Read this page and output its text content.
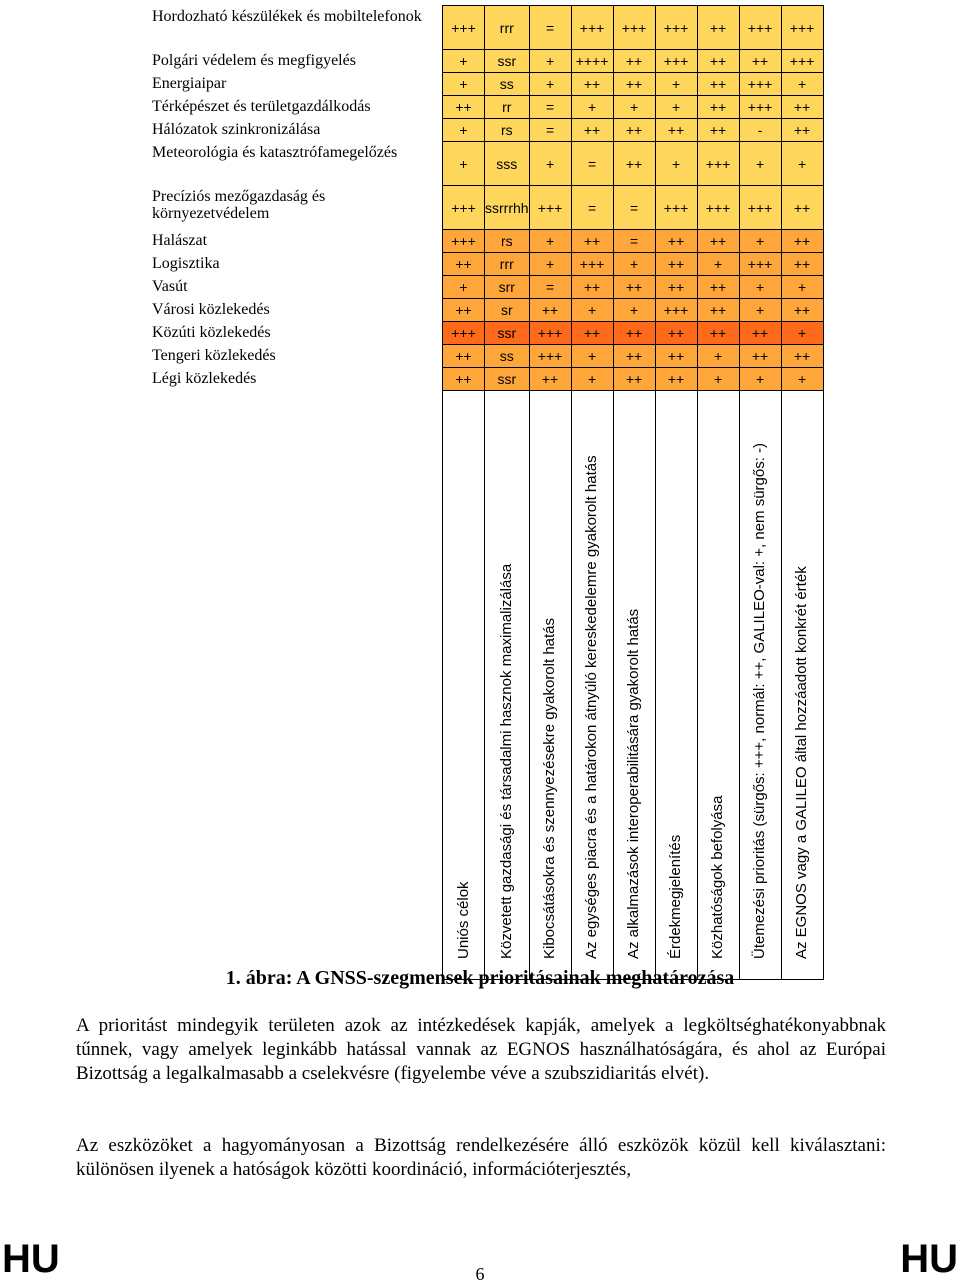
Hordozható készülékek és mobiltelefonok	+++	rrr	=	+++	+++	+++	++	+++	+++
Polgári védelem és megfigyelés	+	ssr	+	++++	++	+++	++	++	+++
Energiaipar	+	ss	+	++	++	+	++	+++	+
Térképészet és területgazdálkodás	++	rr	=	+	+	+	++	+++	++
Hálózatok szinkronizálása	+	rs	=	++	++	++	++	-	++
Meteorológia és katasztrófamegelőzés	+	sss	+	=	++	+	+++	+	+
Precíziós mezőgazdaság és környezetvédelem	+++	ssrrrhh	+++	=	=	+++	+++	+++	++
Halászat	+++	rs	+	++	=	++	++	+	++
Logisztika	++	rrr	+	+++	+	++	+	+++	++
Vasút	+	srr	=	++	++	++	++	+	+
Városi közlekedés	++	sr	++	+	+	+++	++	+	++
Közúti közlekedés	+++	ssr	+++	++	++	++	++	++	+
Tengeri közlekedés	++	ss	+++	+	++	++	+	++	++
Légi közlekedés	++	ssr	++	+	++	++	+	+	+

	Uniós célok	Közvetett gazdasági és társadalmi hasznok maximalizálása	Kibocsátásokra és szennyezésekre gyakorolt hatás	Az egységes piacra és a határokon átnyúló kereskedelemre gyakorolt hatás	Az alkalmazások interoperabilitására gyakorolt hatás	Érdekmegjelenítés	Közhatóságok befolyása	Ütemezési prioritás (sürgős: +++, normál: ++, GALILEO-val: +, nem sürgős: -)	Az EGNOS vagy a GALILEO által hozzáadott konkrét érték
1. ábra: A GNSS-szegmensek prioritásainak meghatározása
A prioritást mindegyik területen azok az intézkedések kapják, amelyek a legköltséghatékonyabbnak tűnnek, vagy amelyek leginkább hatással vannak az EGNOS használhatóságára, és ahol az Európai Bizottság a legalkalmasabb a cselekvésre (figyelembe véve a szubszidiaritás elvét).
Az eszközöket a hagyományosan a Bizottság rendelkezésére álló eszközök közül kell kiválasztani: különösen ilyenek a hatóságok közötti koordináció, információterjesztés,
HU	6	HU
